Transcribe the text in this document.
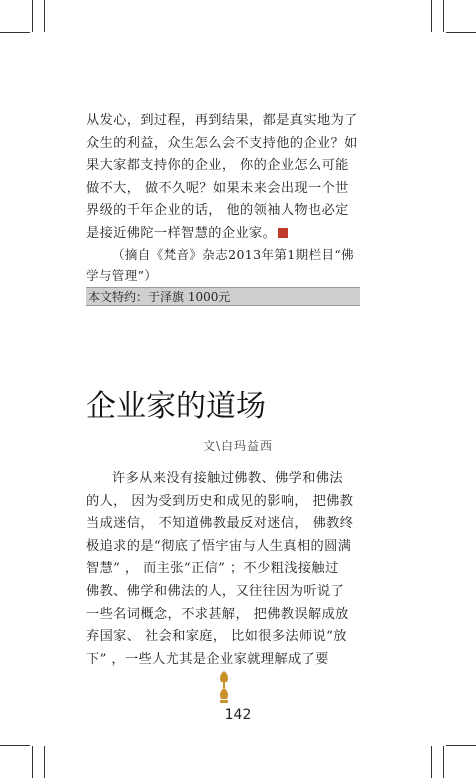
从发心，到过程，再到结果，都是真实地为了
众生的利益，众生怎么会不支持他的企业？如
果大家都支持你的企业， 你的企业怎么可能
做不大， 做不久呢？如果未来会出现一个世
界级的千年企业的话， 他的领袖人物也必定
是接近佛陀一样智慧的企业家。

（摘自《梵音》杂志2013年第1期栏目“佛
学与管理”）

本文特约：于泽旗 1000元
企业家的道场
文\白玛益西

许多从来没有接触过佛教、佛学和佛法
的人， 因为受到历史和成见的影响， 把佛教
当成迷信， 不知道佛教最反对迷信， 佛教终
极追求的是“彻底了悟宇宙与人生真相的圆满
智慧” ， 而主张“正信” ；不少粗浅接触过
佛教、佛学和佛法的人，又往往因为听说了
一些名词概念，不求甚解， 把佛教误解成放
弃国家、 社会和家庭， 比如很多法师说“放
下” ，一些人尤其是企业家就理解成了要

142
